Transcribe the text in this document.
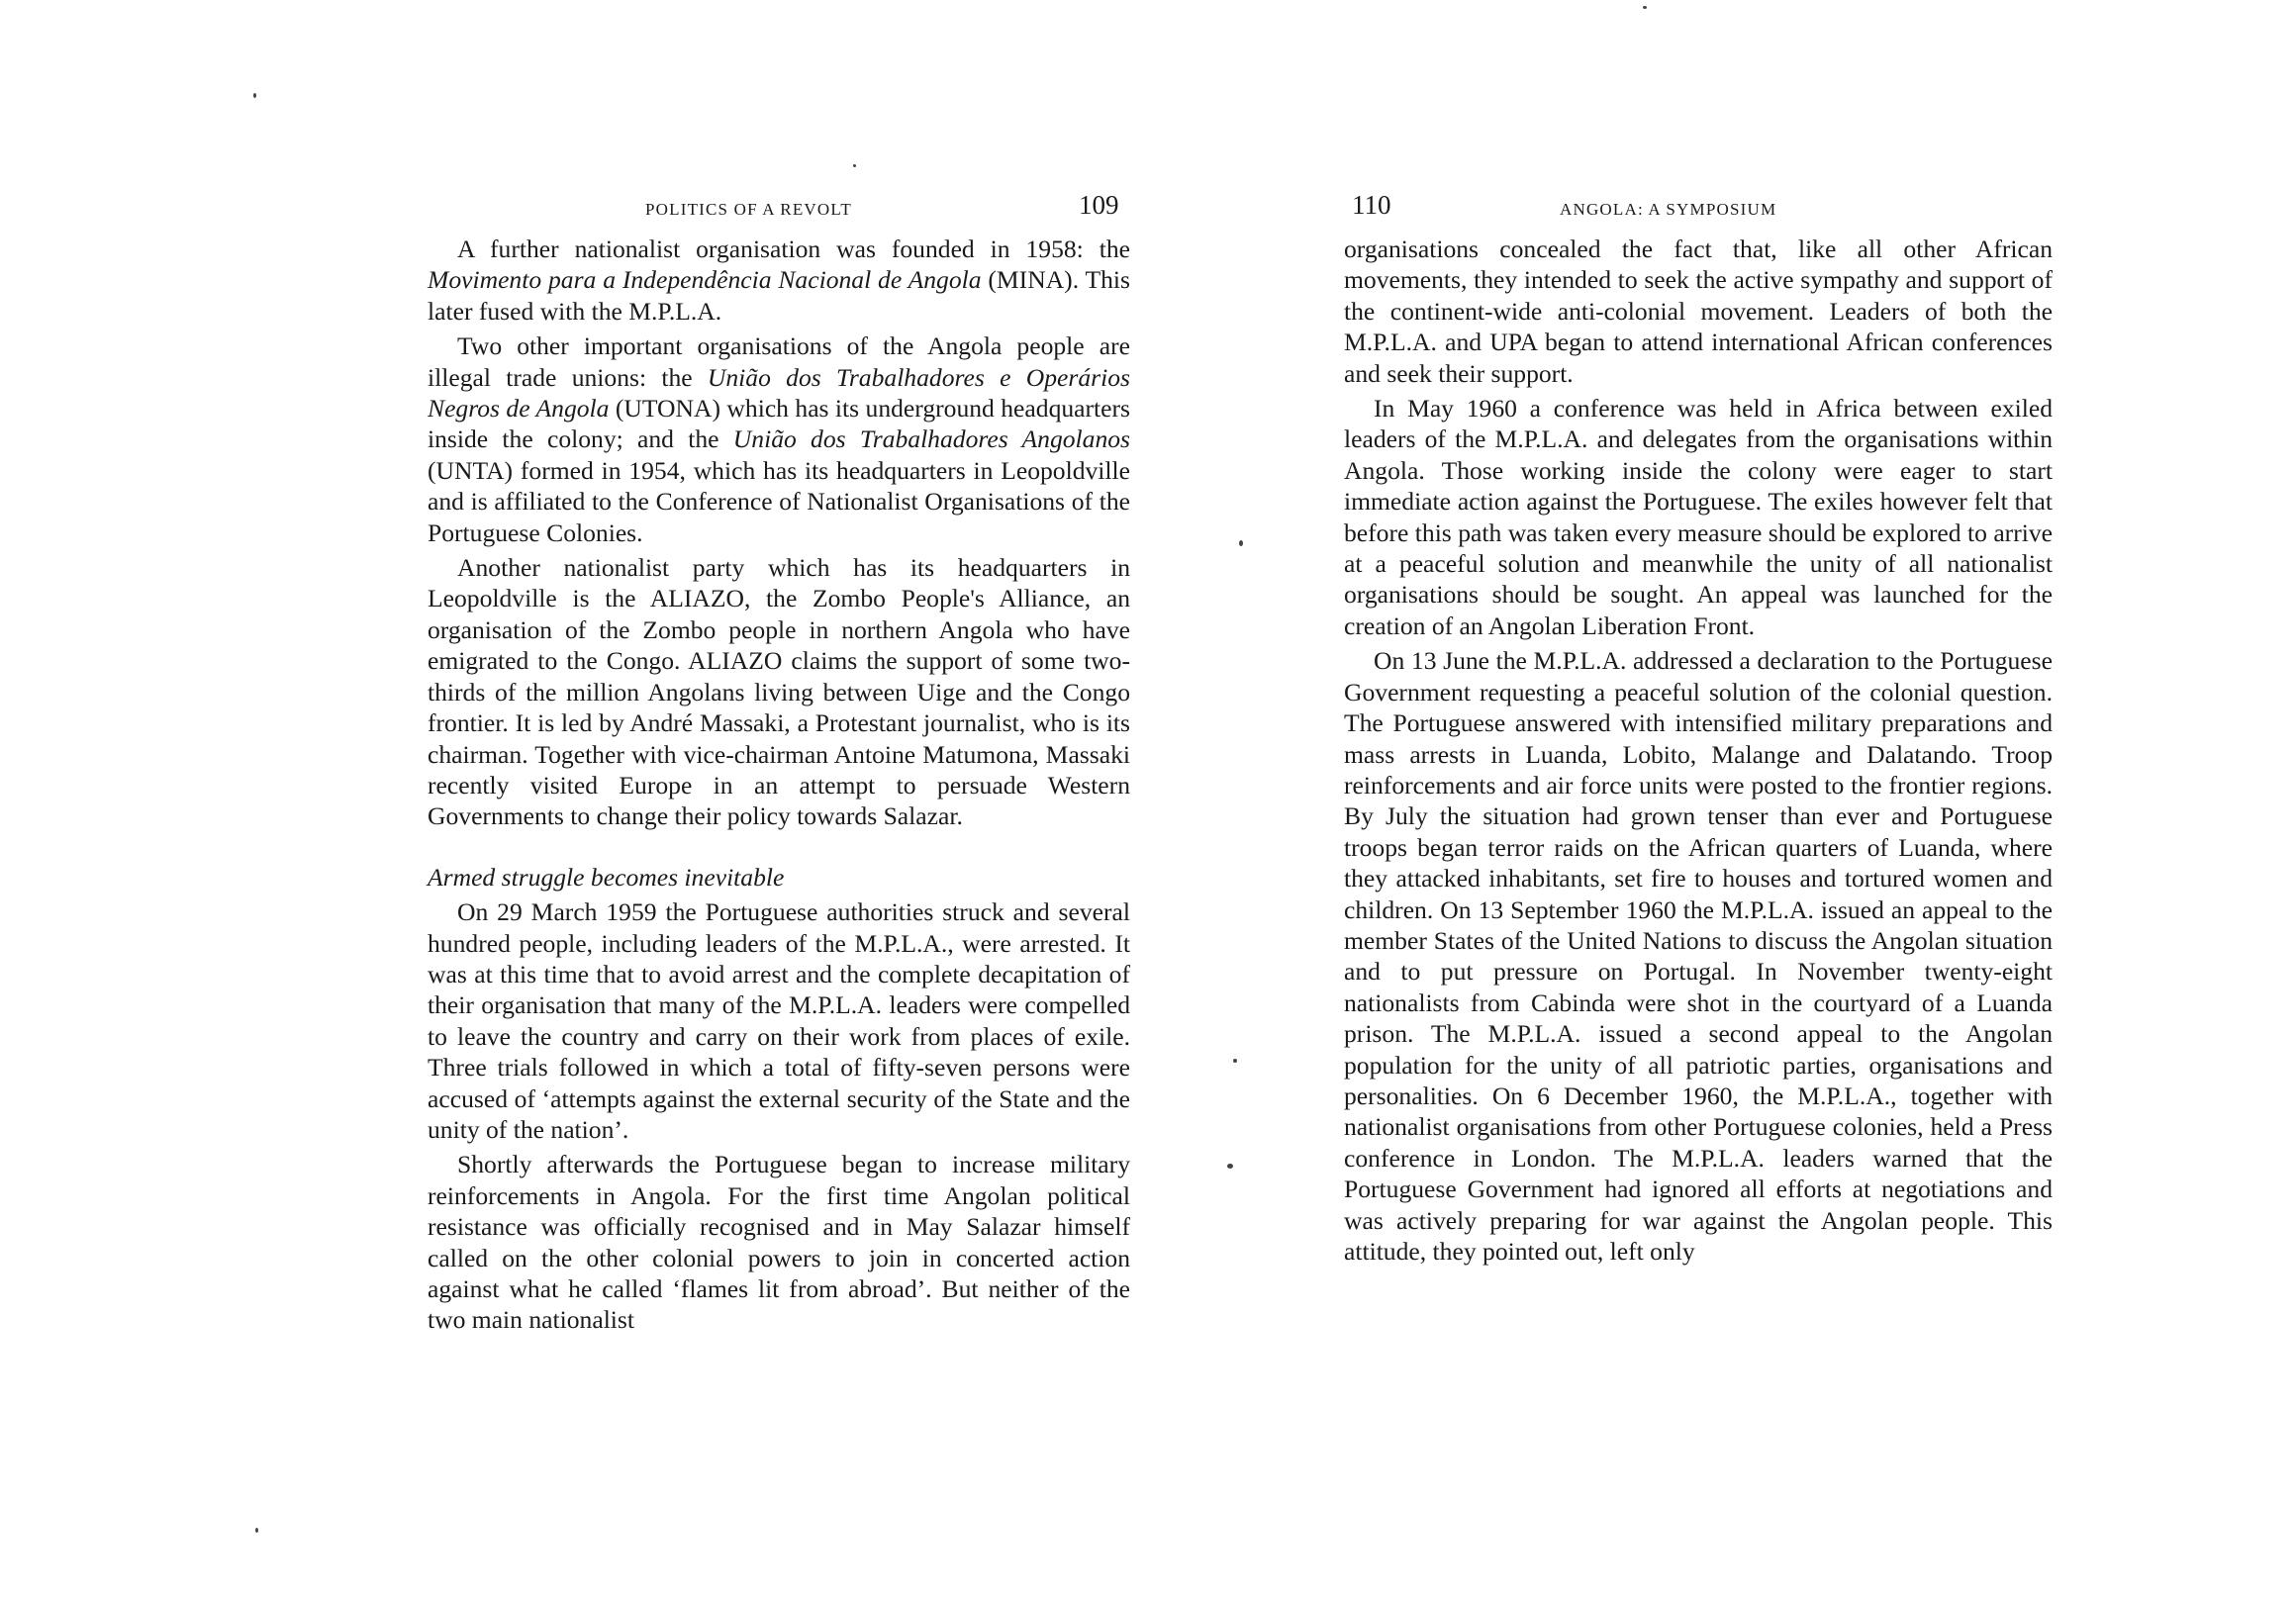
POLITICS OF A REVOLT	109

A further nationalist organisation was founded in 1958: the Movimento para a Independência Nacional de Angola (MINA). This later fused with the M.P.L.A.

Two other important organisations of the Angola people are illegal trade unions: the União dos Trabalhadores e Operários Negros de Angola (UTONA) which has its underground headquarters inside the colony; and the União dos Trabalhadores Angolanos (UNTA) formed in 1954, which has its headquarters in Leopoldville and is affiliated to the Conference of Nationalist Organisations of the Portuguese Colonies.

Another nationalist party which has its headquarters in Leopoldville is the ALIAZO, the Zombo People's Alliance, an organisation of the Zombo people in northern Angola who have emigrated to the Congo. ALIAZO claims the support of some two-thirds of the million Angolans living between Uige and the Congo frontier. It is led by André Massaki, a Protestant journalist, who is its chairman. Together with vice-chairman Antoine Matumona, Massaki recently visited Europe in an attempt to persuade Western Governments to change their policy towards Salazar.

Armed struggle becomes inevitable

On 29 March 1959 the Portuguese authorities struck and several hundred people, including leaders of the M.P.L.A., were arrested. It was at this time that to avoid arrest and the complete decapitation of their organisation that many of the M.P.L.A. leaders were compelled to leave the country and carry on their work from places of exile. Three trials followed in which a total of fifty-seven persons were accused of ‘attempts against the external security of the State and the unity of the nation’.

Shortly afterwards the Portuguese began to increase military reinforcements in Angola. For the first time Angolan political resistance was officially recognised and in May Salazar himself called on the other colonial powers to join in concerted action against what he called ‘flames lit from abroad’. But neither of the two main nationalist

110	ANGOLA: A SYMPOSIUM

organisations concealed the fact that, like all other African movements, they intended to seek the active sympathy and support of the continent-wide anti-colonial movement. Leaders of both the M.P.L.A. and UPA began to attend international African conferences and seek their support.

In May 1960 a conference was held in Africa between exiled leaders of the M.P.L.A. and delegates from the organisations within Angola. Those working inside the colony were eager to start immediate action against the Portuguese. The exiles however felt that before this path was taken every measure should be explored to arrive at a peaceful solution and meanwhile the unity of all nationalist organisations should be sought. An appeal was launched for the creation of an Angolan Liberation Front.

On 13 June the M.P.L.A. addressed a declaration to the Portuguese Government requesting a peaceful solution of the colonial question. The Portuguese answered with intensified military preparations and mass arrests in Luanda, Lobito, Malange and Dalatando. Troop reinforcements and air force units were posted to the frontier regions. By July the situation had grown tenser than ever and Portuguese troops began terror raids on the African quarters of Luanda, where they attacked inhabitants, set fire to houses and tortured women and children. On 13 September 1960 the M.P.L.A. issued an appeal to the member States of the United Nations to discuss the Angolan situation and to put pressure on Portugal. In November twenty-eight nationalists from Cabinda were shot in the courtyard of a Luanda prison. The M.P.L.A. issued a second appeal to the Angolan population for the unity of all patriotic parties, organisations and personalities. On 6 December 1960, the M.P.L.A., together with nationalist organisations from other Portuguese colonies, held a Press conference in London. The M.P.L.A. leaders warned that the Portuguese Government had ignored all efforts at negotiations and was actively preparing for war against the Angolan people. This attitude, they pointed out, left only
